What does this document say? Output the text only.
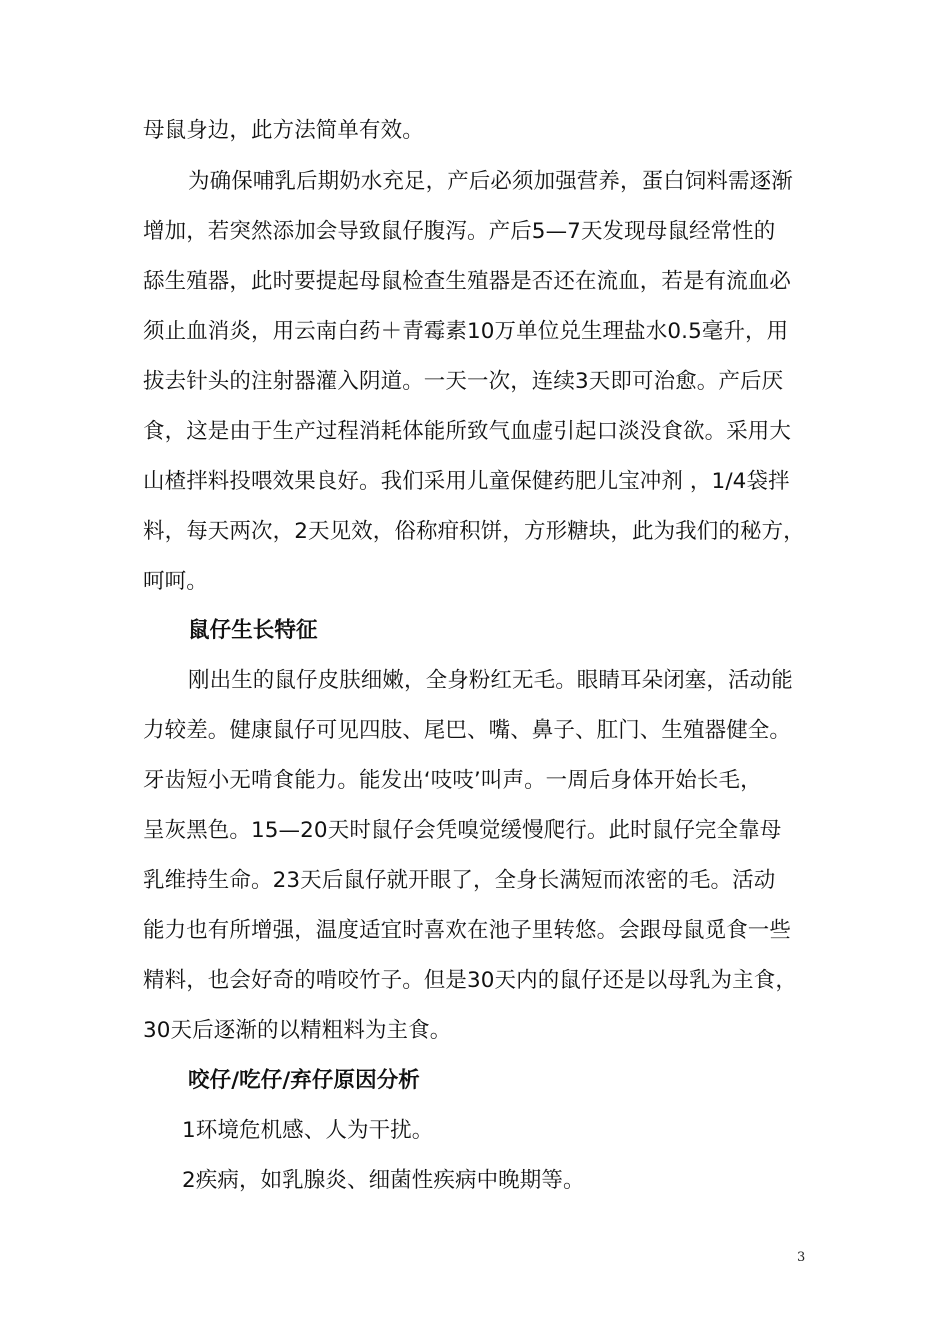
母鼠身边，此方法简单有效。
为确保哺乳后期奶水充足，产后必须加强营养，蛋白饲料需逐渐
增加，若突然添加会导致鼠仔腹泻。产后5—7天发现母鼠经常性的
舔生殖器，此时要提起母鼠检查生殖器是否还在流血，若是有流血必
须止血消炎，用云南白药＋青霉素10万单位兑生理盐水0.5毫升，用
拔去针头的注射器灌入阴道。一天一次，连续3天即可治愈。产后厌
食，这是由于生产过程消耗体能所致气血虚引起口淡没食欲。采用大
山楂拌料投喂效果良好。我们采用儿童保健药肥儿宝冲剂 ，1/4袋拌
料，每天两次，2天见效，俗称疳积饼，方形糖块，此为我们的秘方，
呵呵。
鼠仔生长特征
刚出生的鼠仔皮肤细嫩，全身粉红无毛。眼睛耳朵闭塞，活动能
力较差。健康鼠仔可见四肢、尾巴、嘴、鼻子、肛门、生殖器健全。
牙齿短小无啃食能力。能发出‘吱吱’叫声。一周后身体开始长毛，
呈灰黑色。15—20天时鼠仔会凭嗅觉缓慢爬行。此时鼠仔完全靠母
乳维持生命。23天后鼠仔就开眼了，全身长满短而浓密的毛。活动
能力也有所增强，温度适宜时喜欢在池子里转悠。会跟母鼠觅食一些
精料，也会好奇的啃咬竹子。但是30天内的鼠仔还是以母乳为主食，
30天后逐渐的以精粗料为主食。
咬仔/吃仔/弃仔原因分析
1环境危机感、人为干扰。
2疾病，如乳腺炎、细菌性疾病中晚期等。
3
